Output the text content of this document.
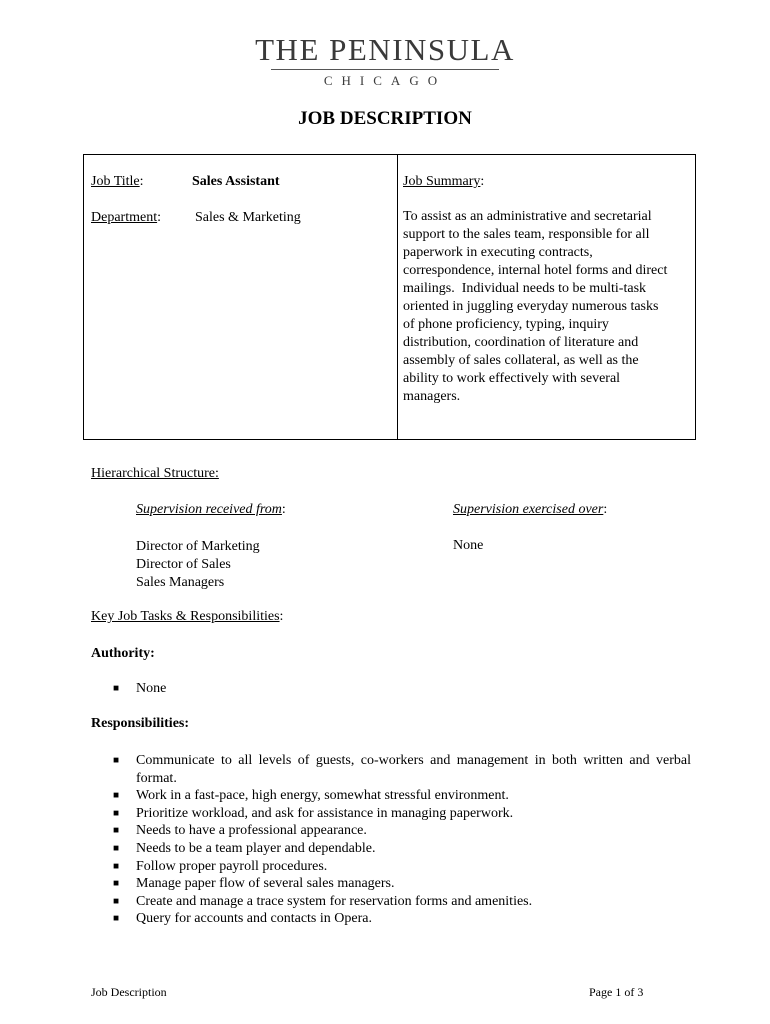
THE PENINSULA
CHICAGO
JOB DESCRIPTION
Job Title:	Sales Assistant
Department: Sales & Marketing
Job Summary:
To assist as an administrative and secretarial
support to the sales team, responsible for all
paperwork in executing contracts,
correspondence, internal hotel forms and direct
mailings.  Individual needs to be multi-task
oriented in juggling everyday numerous tasks
of phone proficiency, typing, inquiry
distribution, coordination of literature and
assembly of sales collateral, as well as the
ability to work effectively with several
managers.
Hierarchical Structure:
Supervision received from:
Director of Marketing
Director of Sales
Sales Managers
Supervision exercised over:
None
Key Job Tasks & Responsibilities:
Authority:
■ None
Responsibilities:
■ Communicate to all levels of guests, co-workers and management in both written and verbal format.
■ Work in a fast-pace, high energy, somewhat stressful environment.
■ Prioritize workload, and ask for assistance in managing paperwork.
■ Needs to have a professional appearance.
■ Needs to be a team player and dependable.
■ Follow proper payroll procedures.
■ Manage paper flow of several sales managers.
■ Create and manage a trace system for reservation forms and amenities.
■ Query for accounts and contacts in Opera.
Job Description	Page 1 of 3
